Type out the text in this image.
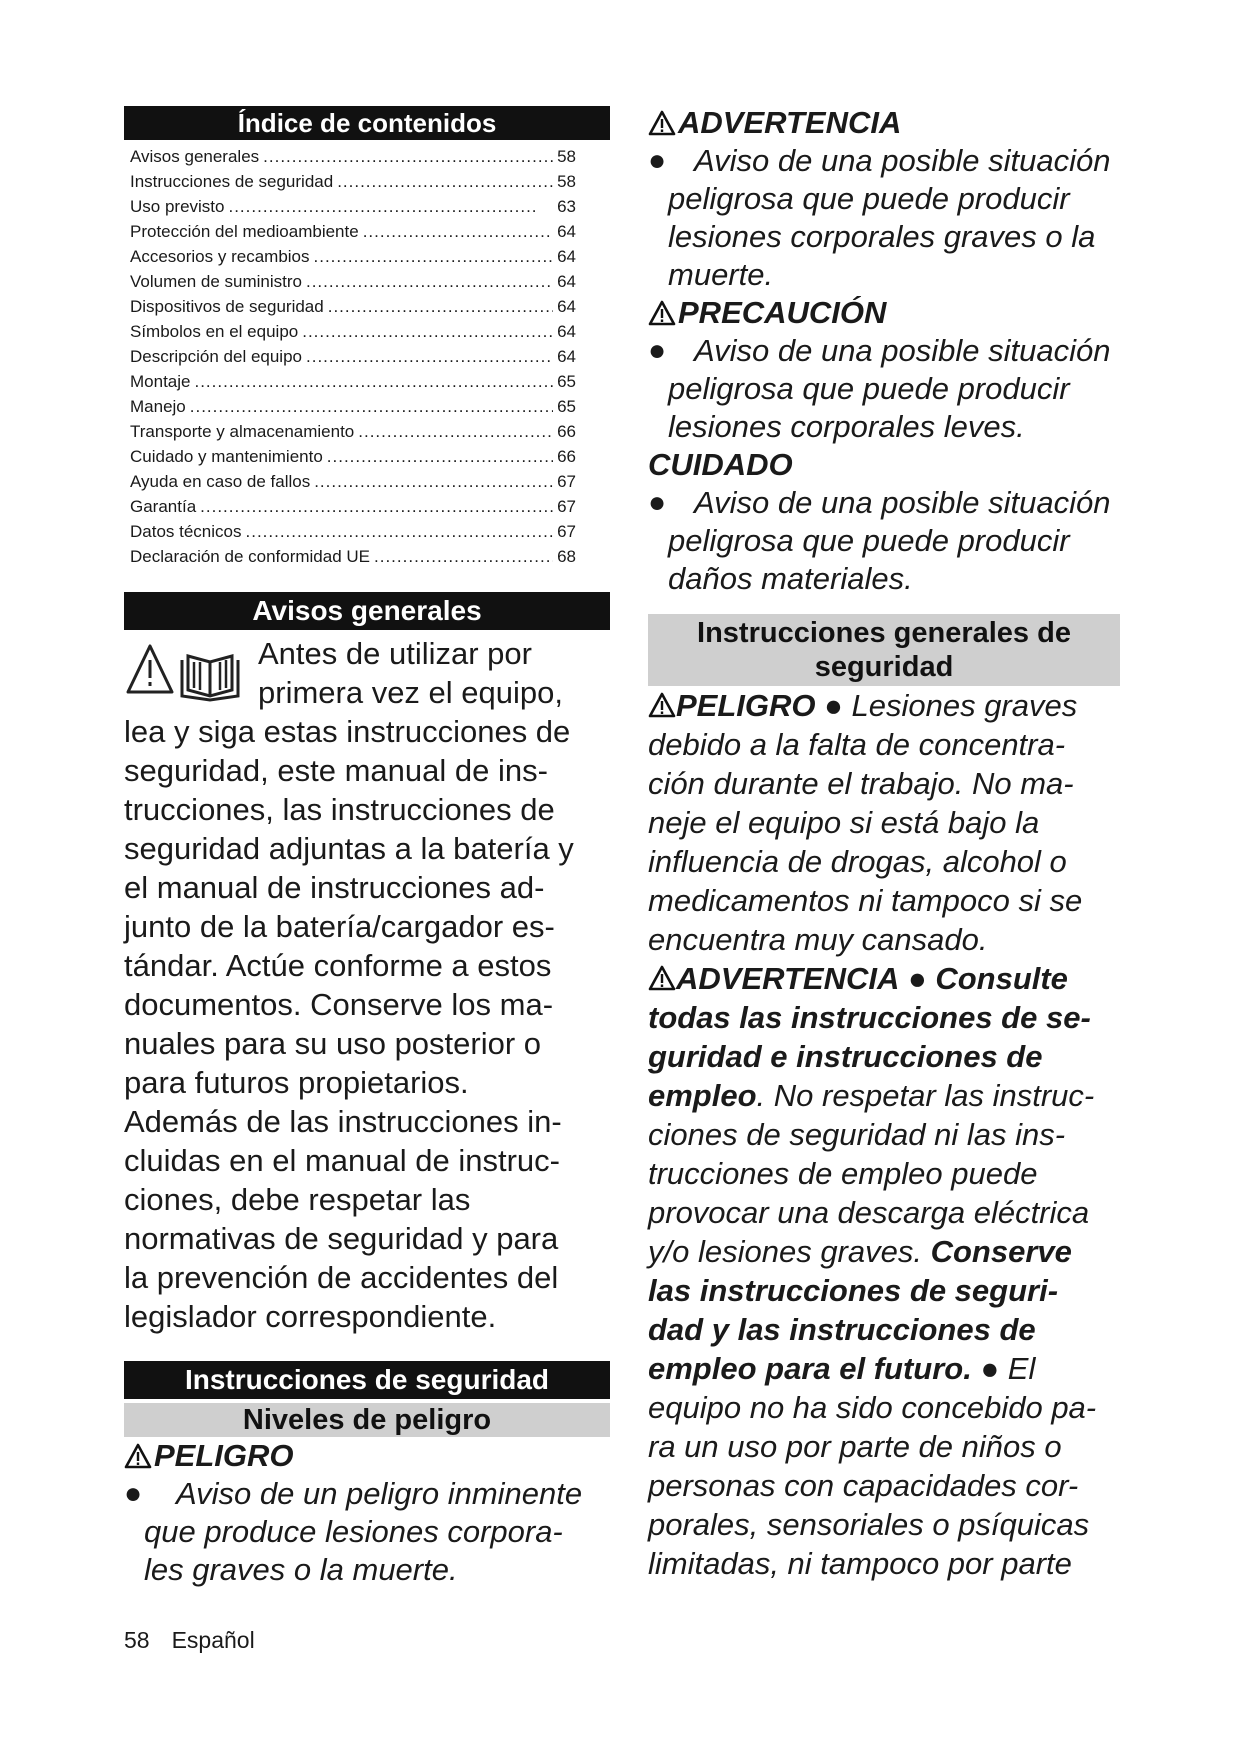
Índice de contenidos
Avisos generales .....	58
Instrucciones de seguridad .....	58
Uso previsto .....	63
Protección del medioambiente .....	64
Accesorios y recambios .....	64
Volumen de suministro .....	64
Dispositivos de seguridad .....	64
Símbolos en el equipo .....	64
Descripción del equipo .....	64
Montaje .....	65
Manejo .....	65
Transporte y almacenamiento .....	66
Cuidado y mantenimiento .....	66
Ayuda en caso de fallos .....	67
Garantía .....	67
Datos técnicos .....	67
Declaración de conformidad UE .....	68
Avisos generales
Antes de utilizar por
primera vez el equipo,
lea y siga estas instrucciones de
seguridad, este manual de ins-
trucciones, las instrucciones de
seguridad adjuntas a la batería y
el manual de instrucciones ad-
junto de la batería/cargador es-
tándar. Actúe conforme a estos
documentos. Conserve los ma-
nuales para su uso posterior o
para futuros propietarios.
Además de las instrucciones in-
cluidas en el manual de instruc-
ciones, debe respetar las
normativas de seguridad y para
la prevención de accidentes del
legislador correspondiente.
Instrucciones de seguridad
Niveles de peligro
PELIGRO
●	Aviso de un peligro inminente
que produce lesiones corpora-
les graves o la muerte.
ADVERTENCIA
● Aviso de una posible situación
peligrosa que puede producir
lesiones corporales graves o la
muerte.
PRECAUCIÓN
● Aviso de una posible situación
peligrosa que puede producir
lesiones corporales leves.
CUIDADO
● Aviso de una posible situación
peligrosa que puede producir
daños materiales.
Instrucciones generales de
seguridad
PELIGRO ● Lesiones graves
debido a la falta de concentra-
ción durante el trabajo. No ma-
neje el equipo si está bajo la
influencia de drogas, alcohol o
medicamentos ni tampoco si se
encuentra muy cansado.
ADVERTENCIA ● Consulte
todas las instrucciones de se-
guridad e instrucciones de
empleo. No respetar las instruc-
ciones de seguridad ni las ins-
trucciones de empleo puede
provocar una descarga eléctrica
y/o lesiones graves. Conserve
las instrucciones de seguri-
dad y las instrucciones de
empleo para el futuro. ● El
equipo no ha sido concebido pa-
ra un uso por parte de niños o
personas con capacidades cor-
porales, sensoriales o psíquicas
limitadas, ni tampoco por parte
58 Español
